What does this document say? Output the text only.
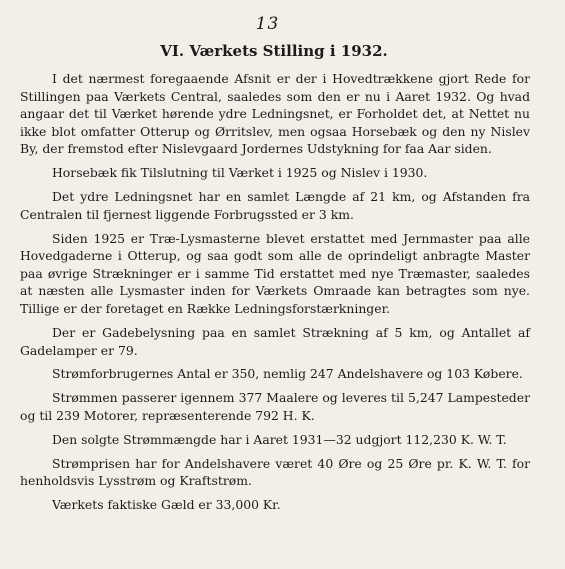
13
VI. Værkets Stilling i 1932.

I det nærmest foregaaende Afsnit er der i Hovedtrækkene gjort Rede for Stillingen paa Værkets Central, saaledes som den er nu i Aaret 1932. Og hvad angaar det til Værket hørende ydre Ledningsnet, er Forholdet det, at Nettet nu ikke blot omfatter Otterup og Ørritslev, men ogsaa Horsebæk og den ny Nislev By, der fremstod efter Nislevgaard Jordernes Udstykning for faa Aar siden.

Horsebæk fik Tilslutning til Værket i 1925 og Nislev i 1930.

Det ydre Ledningsnet har en samlet Længde af 21 km, og Afstanden fra Centralen til fjernest liggende Forbrugssted er 3 km.

Siden 1925 er Træ-Lysmasterne blevet erstattet med Jernmaster paa alle Hovedgaderne i Otterup, og saa godt som alle de oprindeligt anbragte Master paa øvrige Strækninger er i samme Tid erstattet med nye Træmaster, saaledes at næsten alle Lysmaster inden for Værkets Omraade kan betragtes som nye. Tillige er der foretaget en Række Ledningsforstærkninger.

Der er Gadebelysning paa en samlet Strækning af 5 km, og Antallet af Gadelamper er 79.

Strømforbrugernes Antal er 350, nemlig 247 Andelshavere og 103 Købere.

Strømmen passerer igennem 377 Maalere og leveres til 5,247 Lampesteder og til 239 Motorer, repræsenterende 792 H. K.

Den solgte Strømmængde har i Aaret 1931—32 udgjort 112,230 K. W. T.

Strømprisen har for Andelshavere været 40 Øre og 25 Øre pr. K. W. T. for henholdsvis Lysstrøm og Kraftstrøm.

Værkets faktiske Gæld er 33,000 Kr.
